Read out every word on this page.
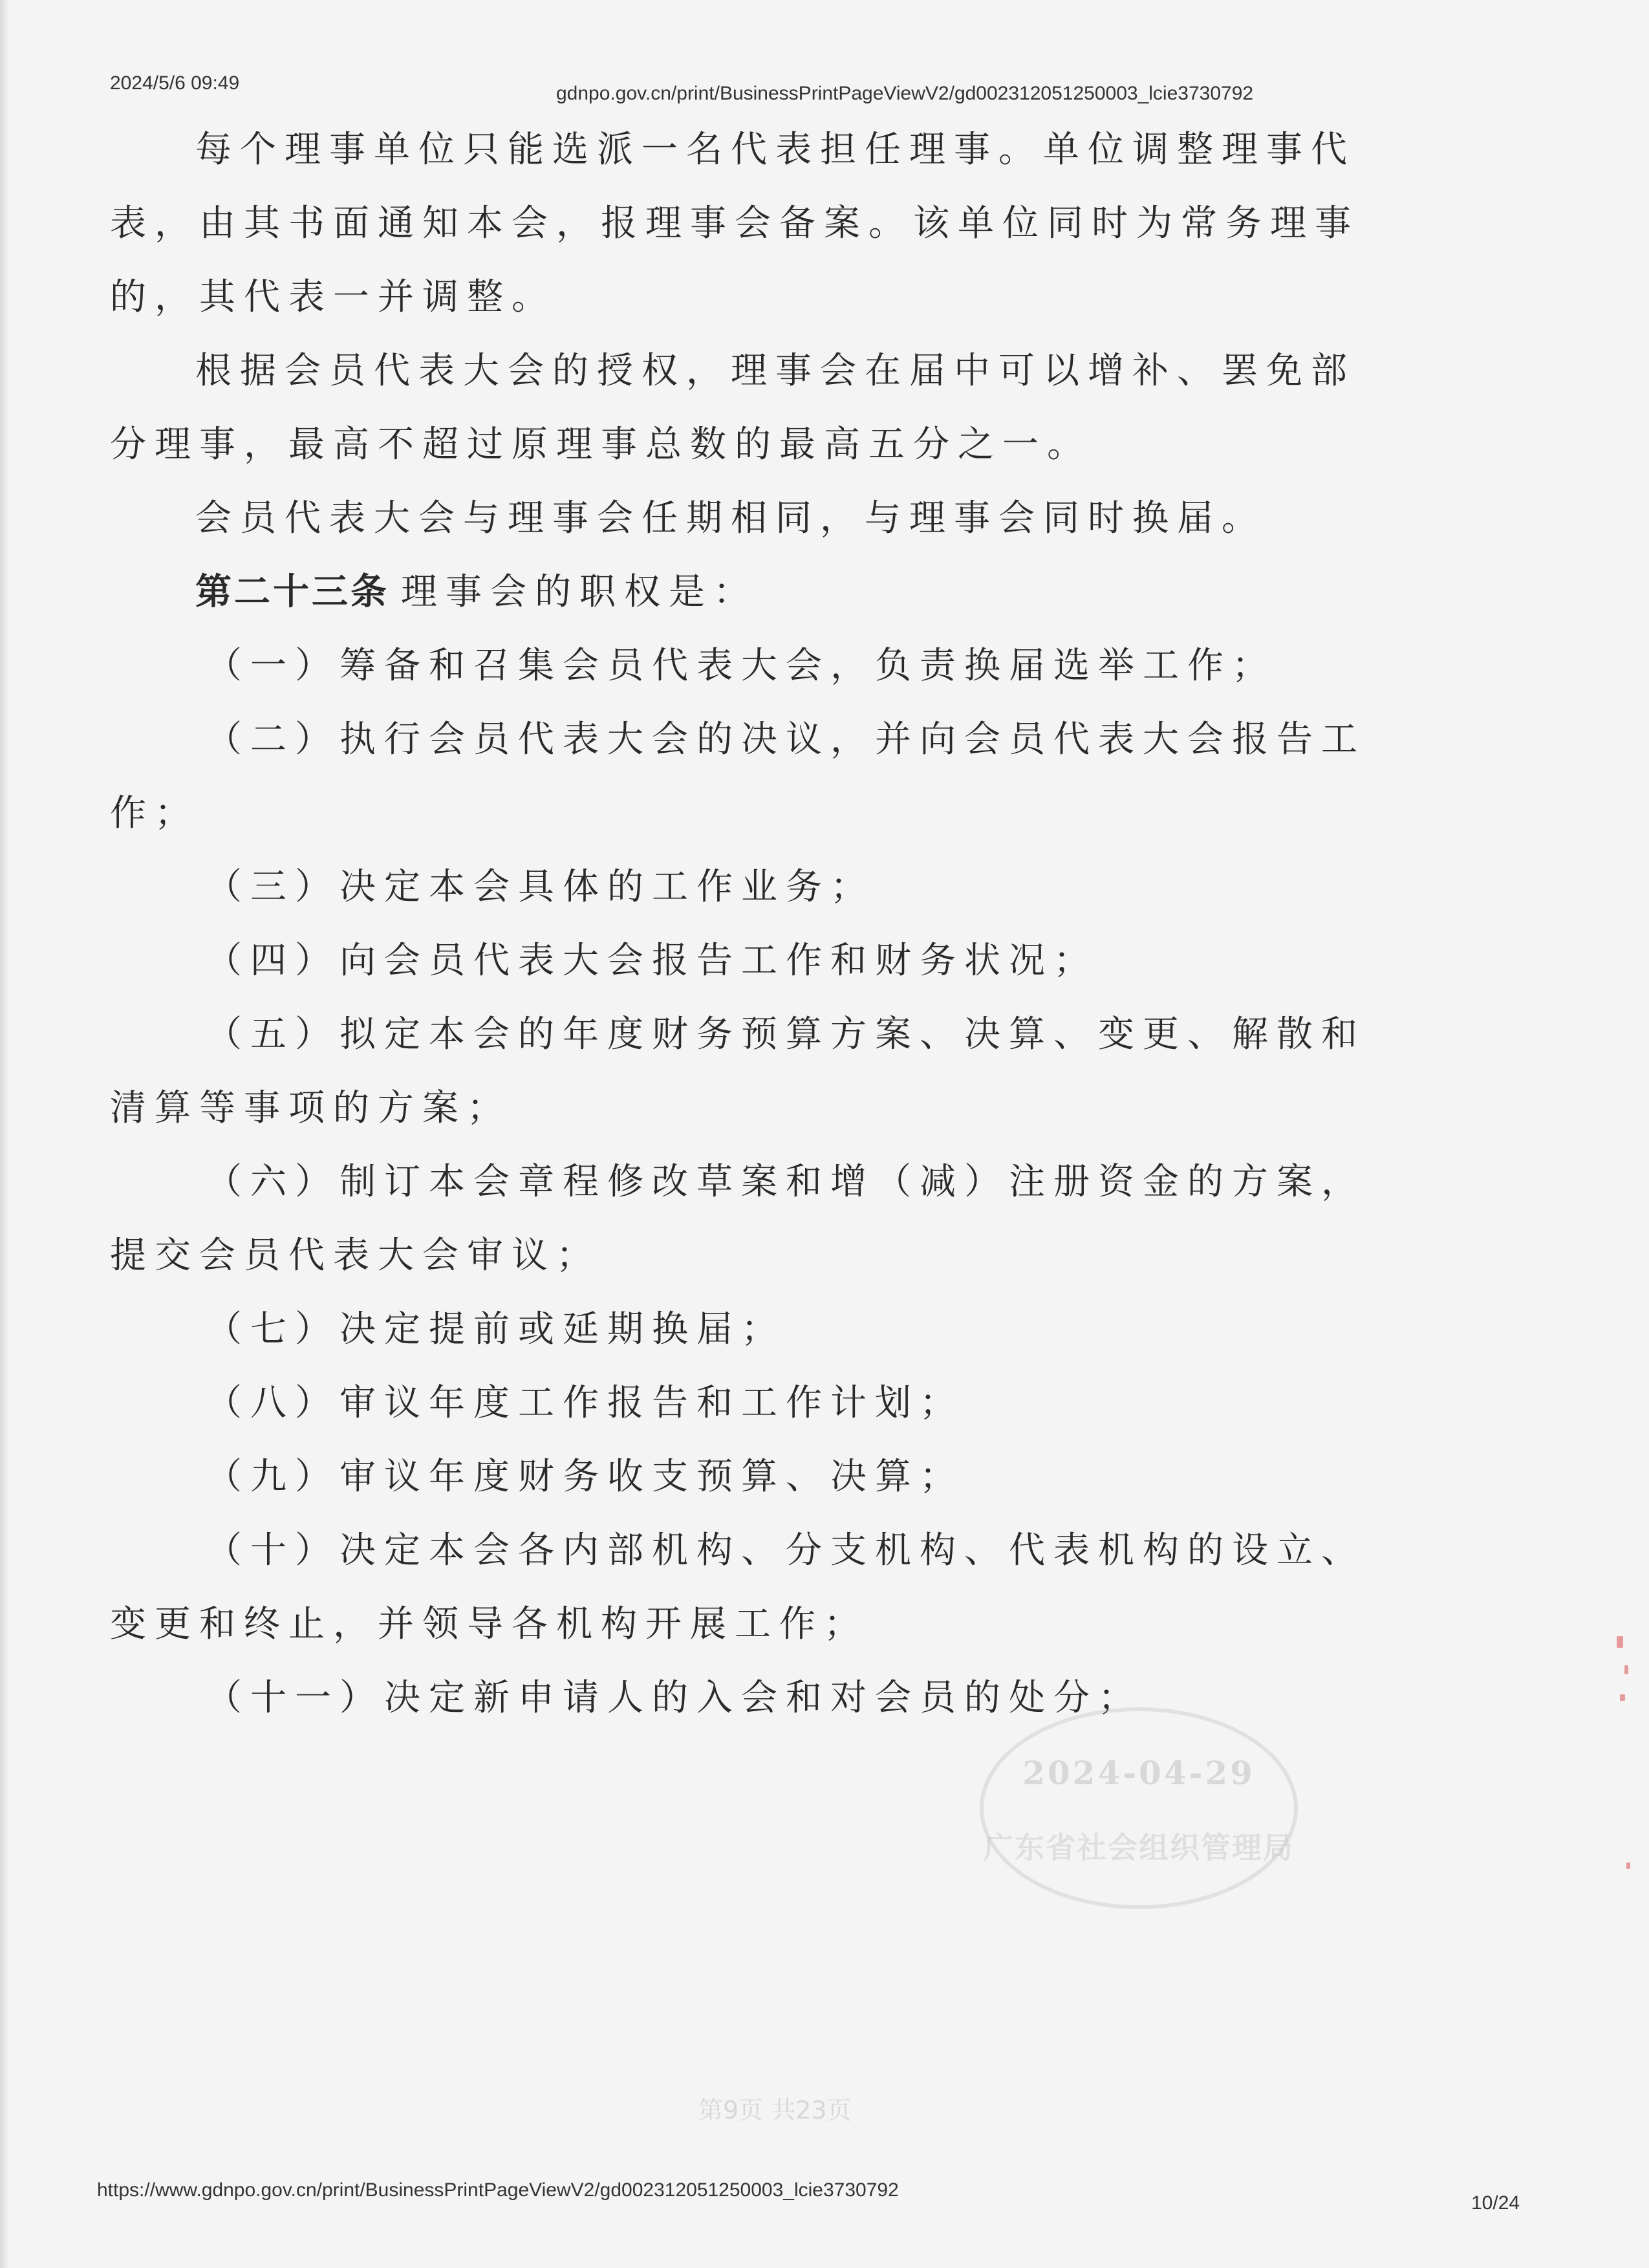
2024/5/6 09:49	gdnpo.gov.cn/print/BusinessPrintPageViewV2/gd002312051250003_lcie3730792

每个理事单位只能选派一名代表担任理事。单位调整理事代表，由其书面通知本会，报理事会备案。该单位同时为常务理事的，其代表一并调整。

根据会员代表大会的授权，理事会在届中可以增补、罢免部分理事，最高不超过原理事总数的最高五分之一。

会员代表大会与理事会任期相同，与理事会同时换届。

第二十三条 理事会的职权是：

（一）筹备和召集会员代表大会，负责换届选举工作；

（二）执行会员代表大会的决议，并向会员代表大会报告工作；

（三）决定本会具体的工作业务；

（四）向会员代表大会报告工作和财务状况；

（五）拟定本会的年度财务预算方案、决算、变更、解散和清算等事项的方案；

（六）制订本会章程修改草案和增（减）注册资金的方案，提交会员代表大会审议；

（七）决定提前或延期换届；

（八）审议年度工作报告和工作计划；

（九）审议年度财务收支预算、决算；

（十）决定本会各内部机构、分支机构、代表机构的设立、变更和终止，并领导各机构开展工作；

（十一）决定新申请人的入会和对会员的处分；

2024-04-29
广东省社会组织管理局
第9页 共23页
https://www.gdnpo.gov.cn/print/BusinessPrintPageViewV2/gd002312051250003_lcie3730792
10/24
